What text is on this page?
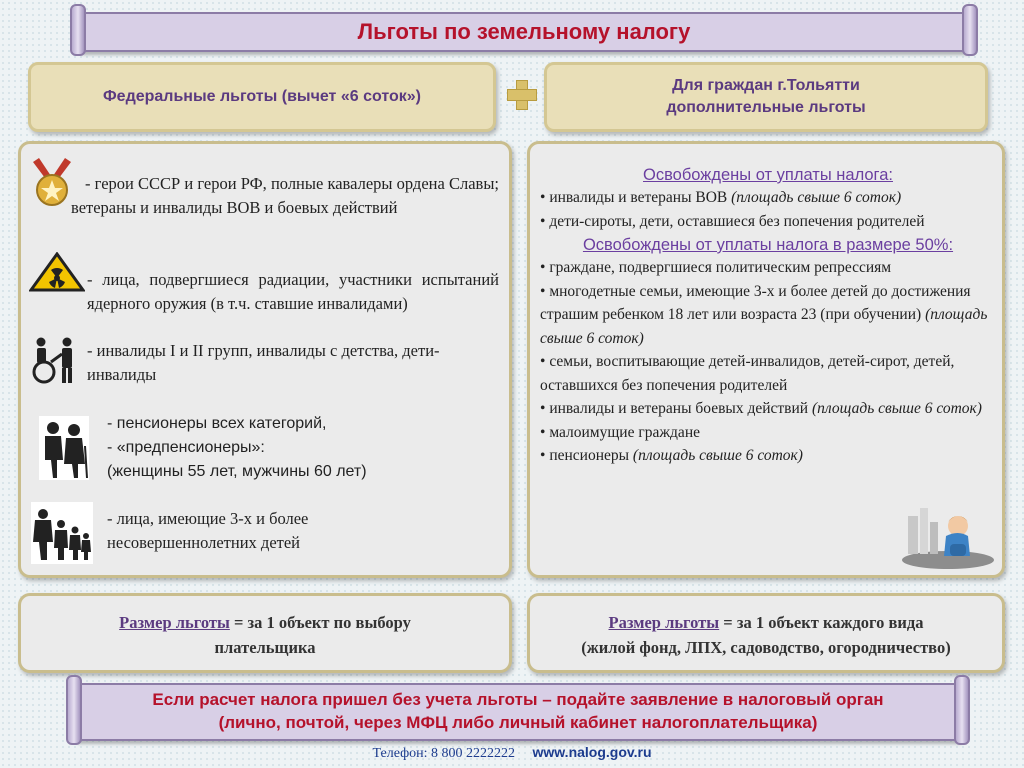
Льготы по земельному налогу
Федеральные льготы (вычет «6 соток»)
Для граждан г.Тольятти
дополнительные льготы
- герои СССР и герои РФ, полные кавалеры ордена Славы; ветераны и инвалиды ВОВ и боевых действий
- лица, подвергшиеся радиации, участники испытаний ядерного оружия (в т.ч. ставшие инвалидами)
- инвалиды I и II групп, инвалиды с детства, дети-инвалиды
- пенсионеры всех категорий,
- «предпенсионеры»:
(женщины 55 лет, мужчины 60 лет)
- лица, имеющие 3-х и более несовершеннолетних детей
Освобождены от уплаты налога:
• инвалиды и ветераны ВОВ (площадь свыше 6 соток)
• дети-сироты, дети, оставшиеся без попечения родителей
Освобождены от уплаты налога в размере 50%:
• граждане, подвергшиеся политическим репрессиям
• многодетные семьи, имеющие 3-х и более детей до достижения страшим ребенком 18 лет или возраста 23 (при обучении) (площадь свыше 6 соток)
• семьи, воспитывающие детей-инвалидов, детей-сирот, детей, оставшихся без попечения родителей
• инвалиды и ветераны боевых действий (площадь свыше 6 соток)
• малоимущие граждане
• пенсионеры (площадь свыше 6 соток)
Размер льготы = за 1 объект по выбору
плательщика
Размер льготы = за 1 объект каждого вида
(жилой фонд, ЛПХ, садоводство, огородничество)
Если расчет налога пришел без учета льготы – подайте заявление в налоговый орган
(лично, почтой, через МФЦ либо личный кабинет налогоплательщика)
Телефон: 8 800 2222222 www.nalog.gov.ru
